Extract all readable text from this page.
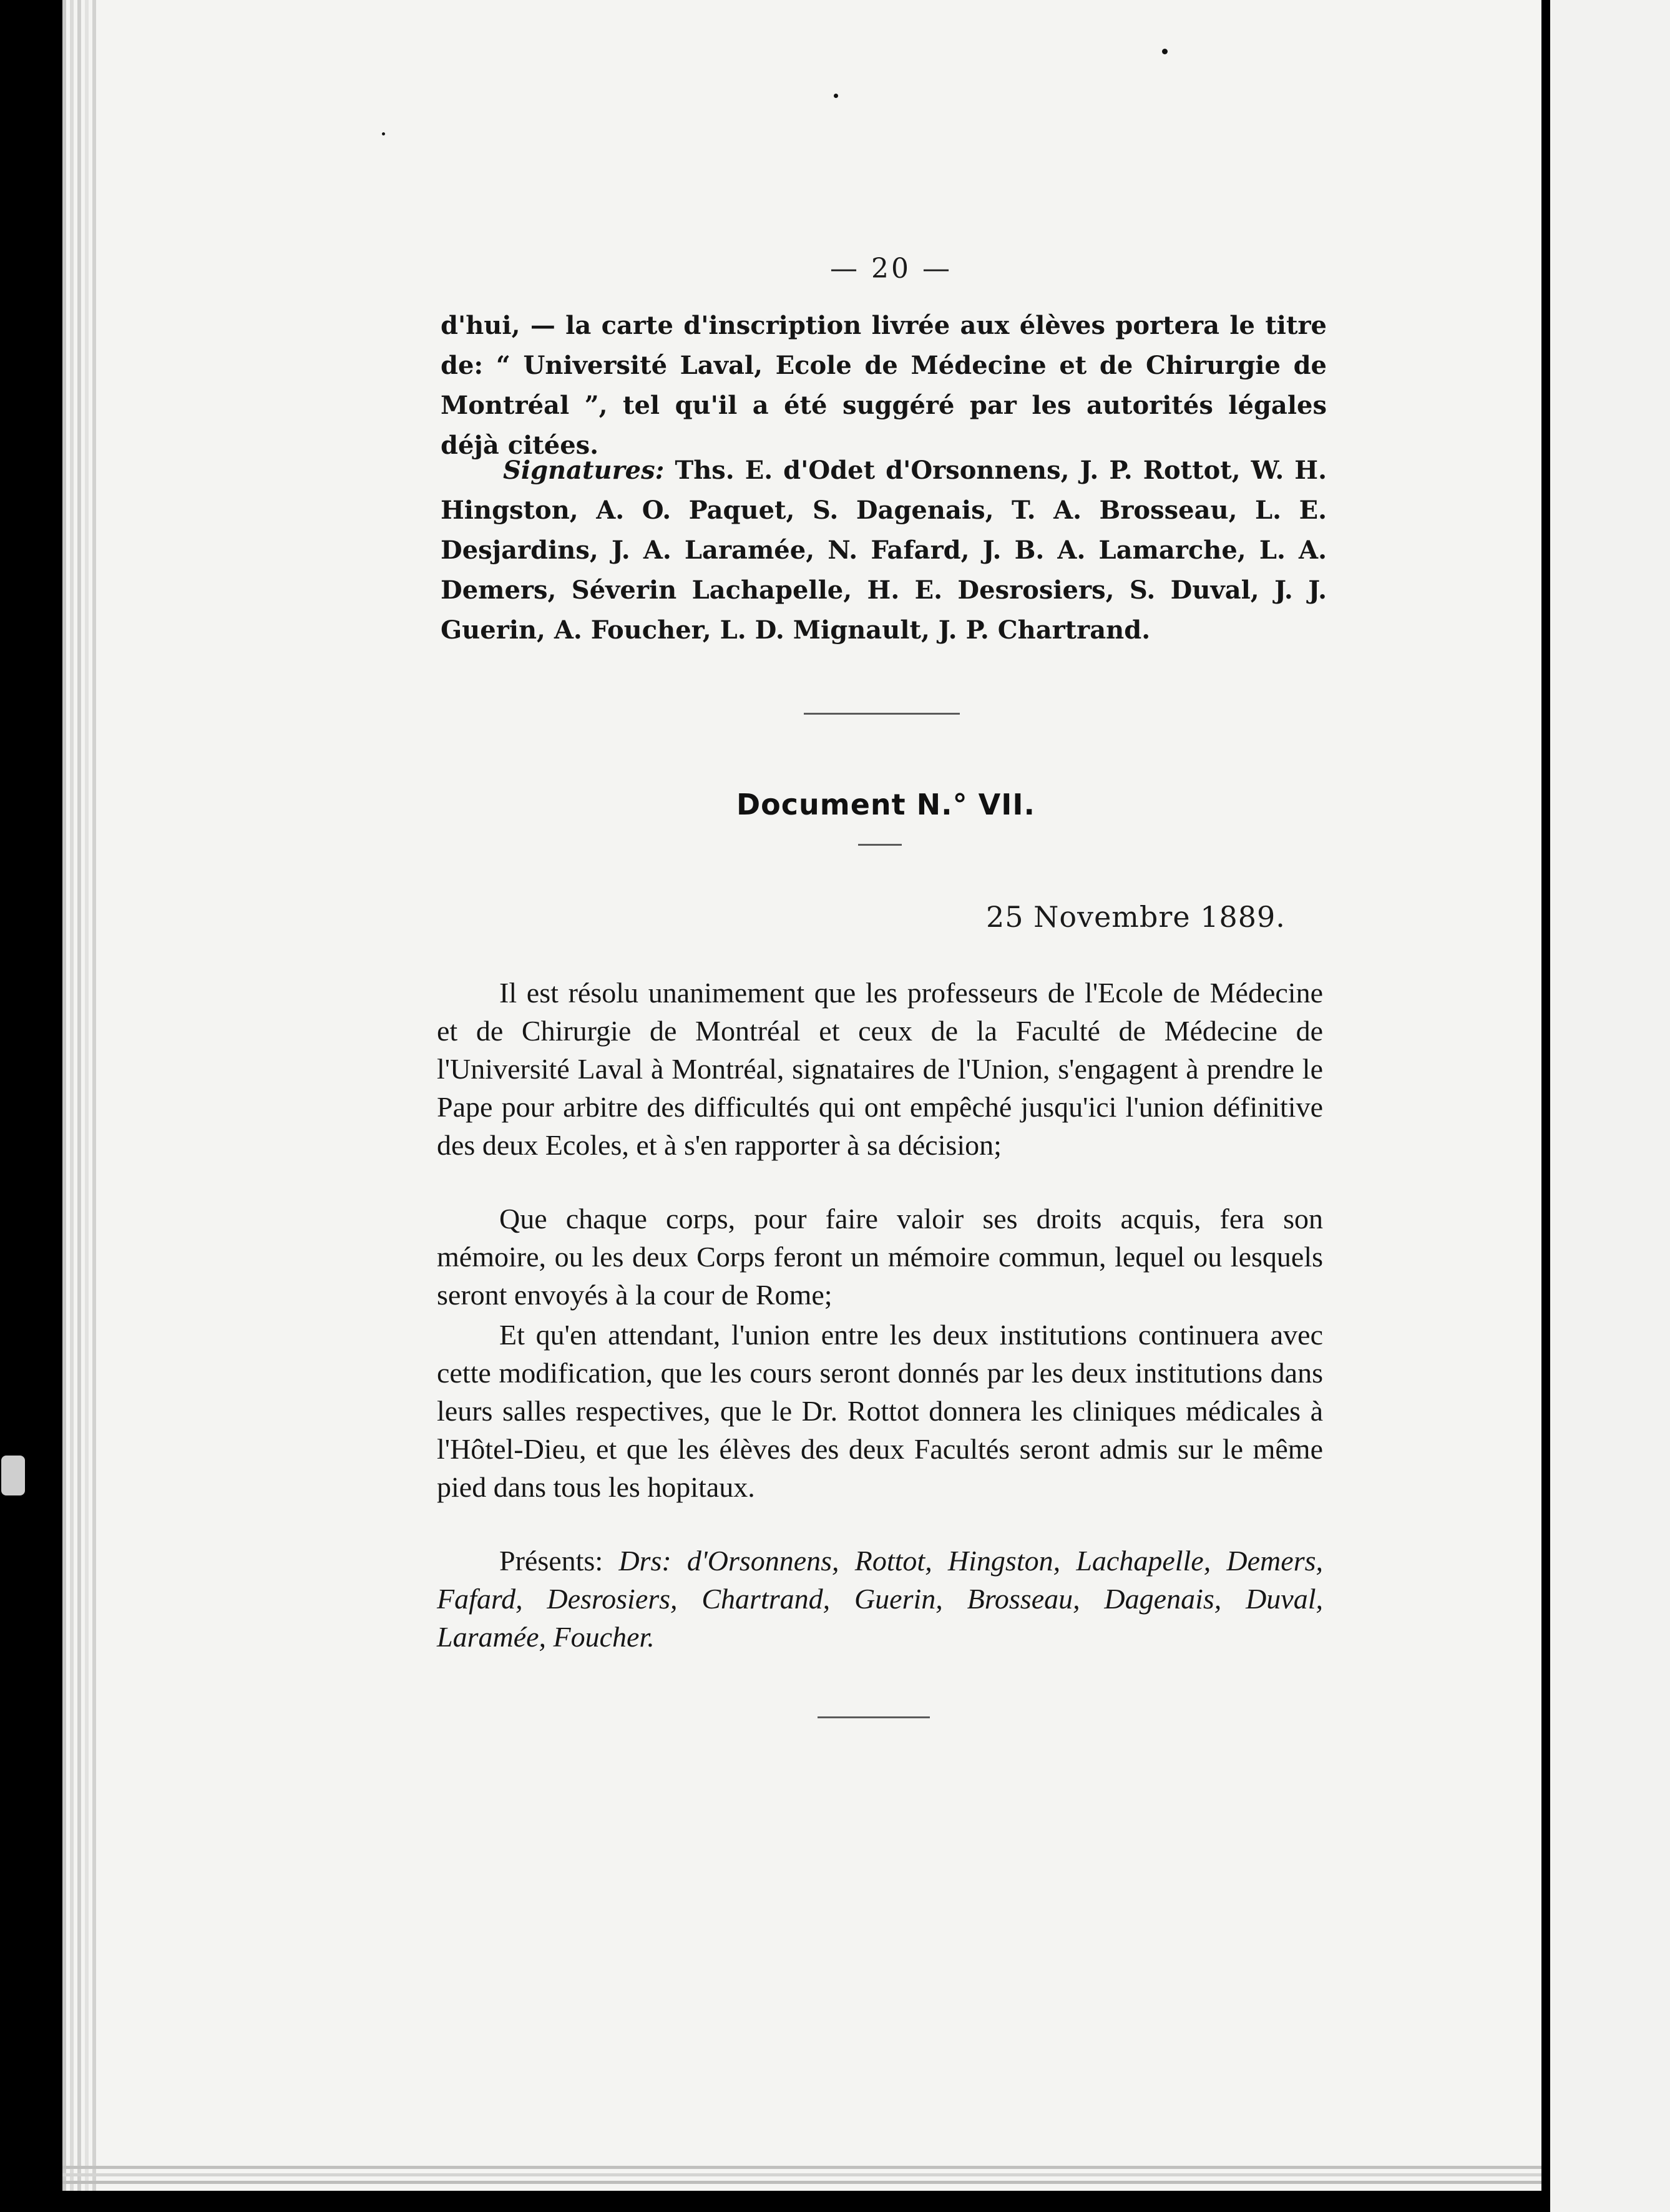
— 20 —

d'hui, — la carte d'inscription livrée aux élèves portera le titre de: “ Université Laval, Ecole de Médecine et de Chirurgie de Montréal ”, tel qu'il a été suggéré par les autorités légales déjà citées.

Signatures: Ths. E. d'Odet d'Orsonnens, J. P. Rottot, W. H. Hingston, A. O. Paquet, S. Dagenais, T. A. Brosseau, L. E. Desjardins, J. A. Laramée, N. Fafard, J. B. A. Lamarche, L. A. Demers, Séverin Lachapelle, H. E. Desrosiers, S. Duval, J. J. Guerin, A. Foucher, L. D. Mignault, J. P. Chartrand.

Document N.° VII.
25 Novembre 1889.

Il est résolu unanimement que les professeurs de l'Ecole de Médecine et de Chirurgie de Montréal et ceux de la Faculté de Médecine de l'Université Laval à Montréal, signataires de l'Union, s'engagent à prendre le Pape pour arbitre des difficultés qui ont empêché jusqu'ici l'union définitive des deux Ecoles, et à s'en rapporter à sa décision;

Que chaque corps, pour faire valoir ses droits acquis, fera son mémoire, ou les deux Corps feront un mémoire commun, lequel ou lesquels seront envoyés à la cour de Rome;

Et qu'en attendant, l'union entre les deux institutions continuera avec cette modification, que les cours seront donnés par les deux institutions dans leurs salles respectives, que le Dr. Rottot donnera les cliniques médicales à l'Hôtel-Dieu, et que les élèves des deux Facultés seront admis sur le même pied dans tous les hopitaux.

Présents: Drs: d'Orsonnens, Rottot, Hingston, Lachapelle, Demers, Fafard, Desrosiers, Chartrand, Guerin, Brosseau, Dagenais, Duval, Laramée, Foucher.
